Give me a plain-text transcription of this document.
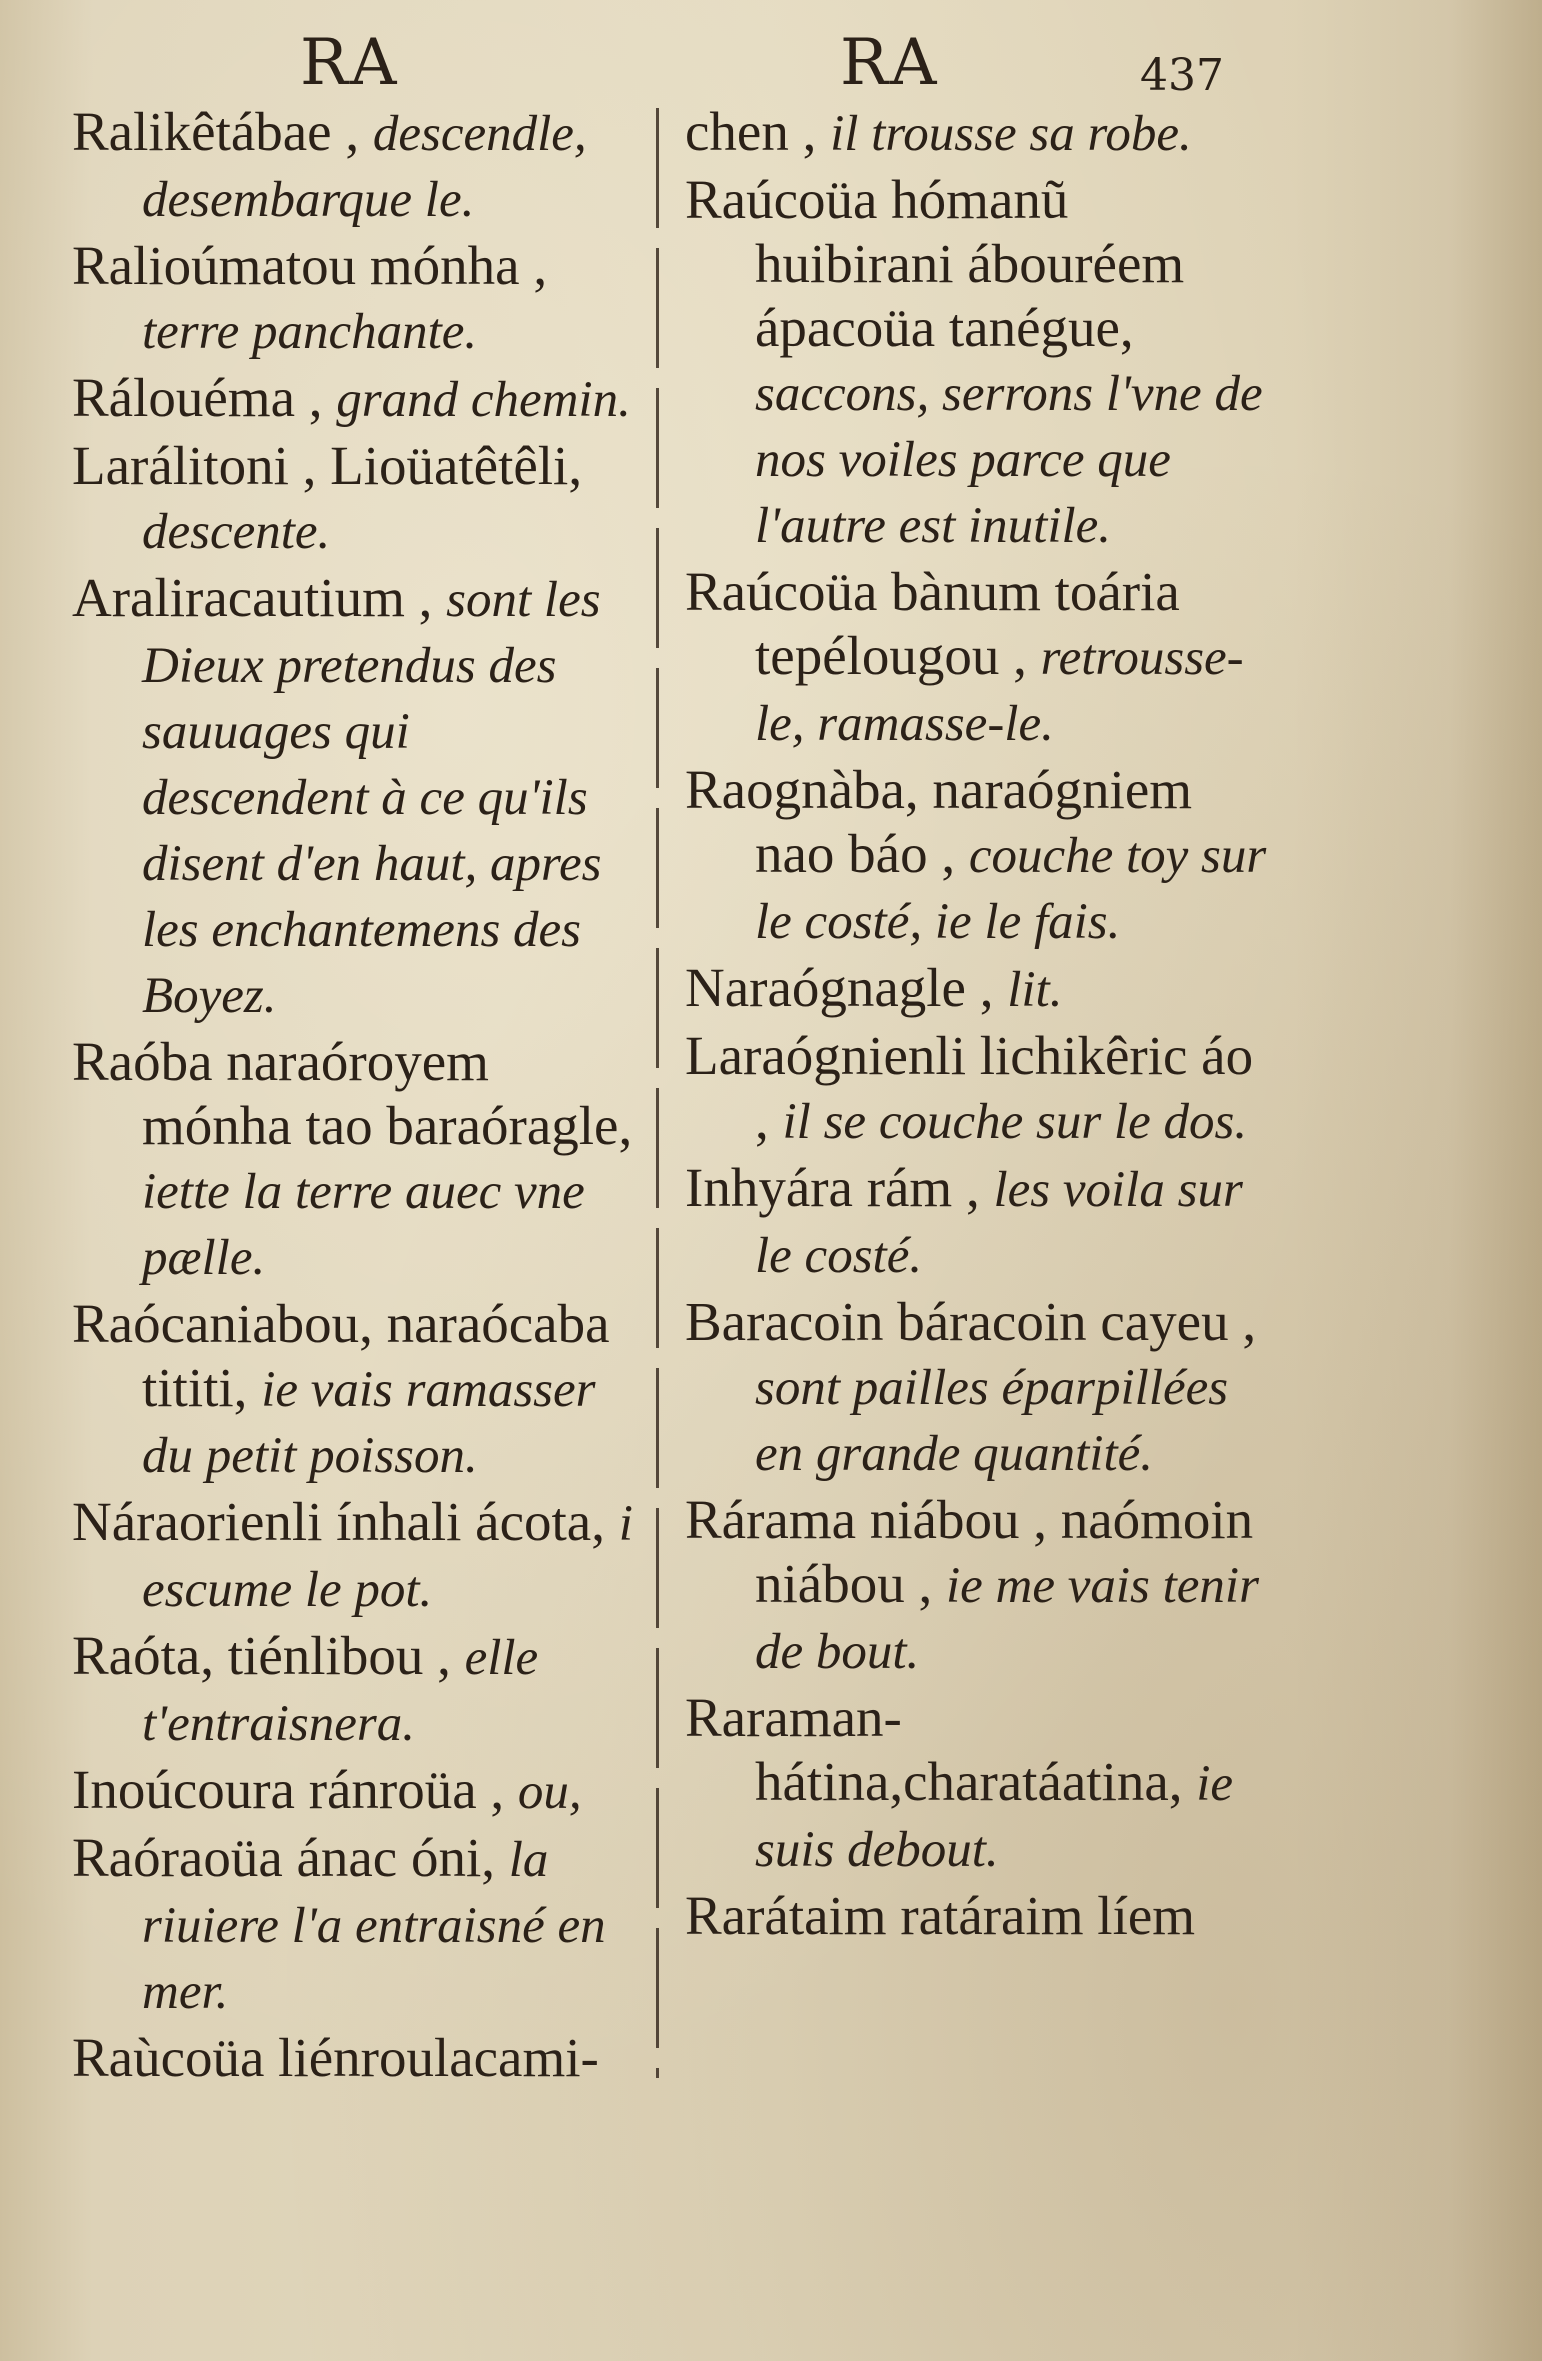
RA	RA	437

Ralikêtábae , descendle, desembarque le.

Ralioúmatou mónha , terre panchante.

Rálouéma , grand chemin.

Larálitoni , Lioüatêtêli, descente.

Araliracautium , sont les Dieux pretendus des sauuages qui descendent à ce qu'ils disent d'en haut, apres les enchantemens des Boyez.

Raóba naraóroyem mónha tao baraóragle, iette la terre auec vne pælle.

Raócaniabou, naraócaba tititi, ie vais ramasser du petit poisson.

Náraorienli ínhali ácota, i escume le pot.

Raóta, tiénlibou , elle t'entraisnera.

Inoúcoura ránroüa , ou,

Raóraoüa ánac óni, la riuiere l'a entraisné en mer.

Raùcoüa liénroulacami-

chen , il trousse sa robe.

Raúcoüa hómanũ huibirani ábouréem ápacoüa tanégue, saccons, serrons l'vne de nos voiles parce que l'autre est inutile.

Raúcoüa bànum toária tepélougou , retrousse-le, ramasse-le.

Raognàba, naraógniem nao báo , couche toy sur le costé, ie le fais.

Naraógnagle , lit.

Laraógnienli lichikêric áo , il se couche sur le dos.

Inhyára rám , les voila sur le costé.

Baracoin báracoin cayeu , sont pailles éparpillées en grande quantité.

Rárama niábou , naómoin niábou , ie me vais tenir de bout.

Raraman-hátina,charatáatina, ie suis debout.

Rarátaim ratáraim líem
